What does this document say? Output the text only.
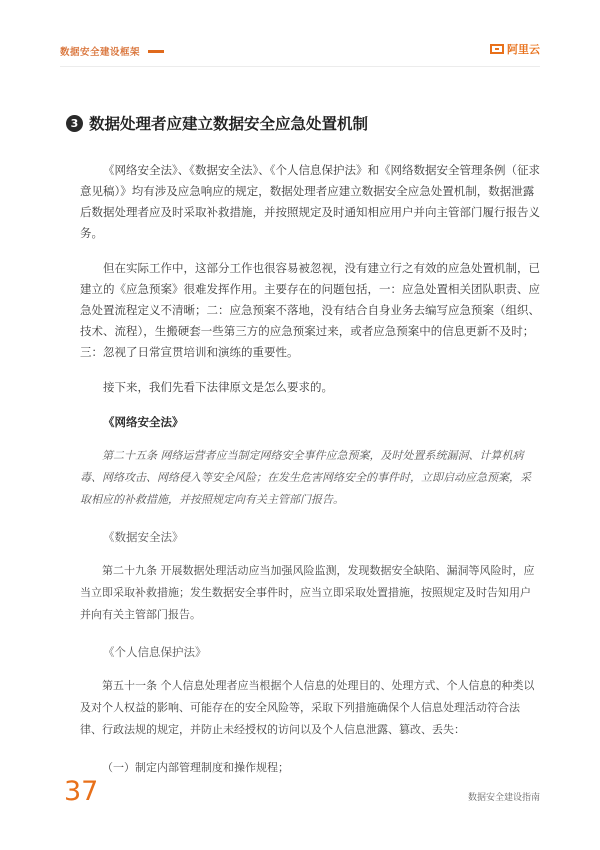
数据安全建设框架	阿里云
3 数据处理者应建立数据安全应急处置机制

《网络安全法》、《数据安全法》、《个人信息保护法》和《网络数据安全管理条例（征求意见稿）》均有涉及应急响应的规定，数据处理者应建立数据安全应急处置机制，数据泄露后数据处理者应及时采取补救措施，并按照规定及时通知相应用户并向主管部门履行报告义务。

但在实际工作中，这部分工作也很容易被忽视，没有建立行之有效的应急处置机制，已建立的《应急预案》很难发挥作用。主要存在的问题包括，一：应急处置相关团队职责、应急处置流程定义不清晰；二：应急预案不落地，没有结合自身业务去编写应急预案（组织、技术、流程），生搬硬套一些第三方的应急预案过来，或者应急预案中的信息更新不及时；三：忽视了日常宣贯培训和演练的重要性。

接下来，我们先看下法律原文是怎么要求的。

《网络安全法》

第二十五条 网络运营者应当制定网络安全事件应急预案，及时处置系统漏洞、计算机病毒、网络攻击、网络侵入等安全风险；在发生危害网络安全的事件时，立即启动应急预案，采取相应的补救措施，并按照规定向有关主管部门报告。

《数据安全法》

第二十九条 开展数据处理活动应当加强风险监测，发现数据安全缺陷、漏洞等风险时，应当立即采取补救措施；发生数据安全事件时，应当立即采取处置措施，按照规定及时告知用户并向有关主管部门报告。

《个人信息保护法》

第五十一条 个人信息处理者应当根据个人信息的处理目的、处理方式、个人信息的种类以及对个人权益的影响、可能存在的安全风险等，采取下列措施确保个人信息处理活动符合法律、行政法规的规定，并防止未经授权的访问以及个人信息泄露、篡改、丢失：

（一）制定内部管理制度和操作规程；

37	数据安全建设指南
